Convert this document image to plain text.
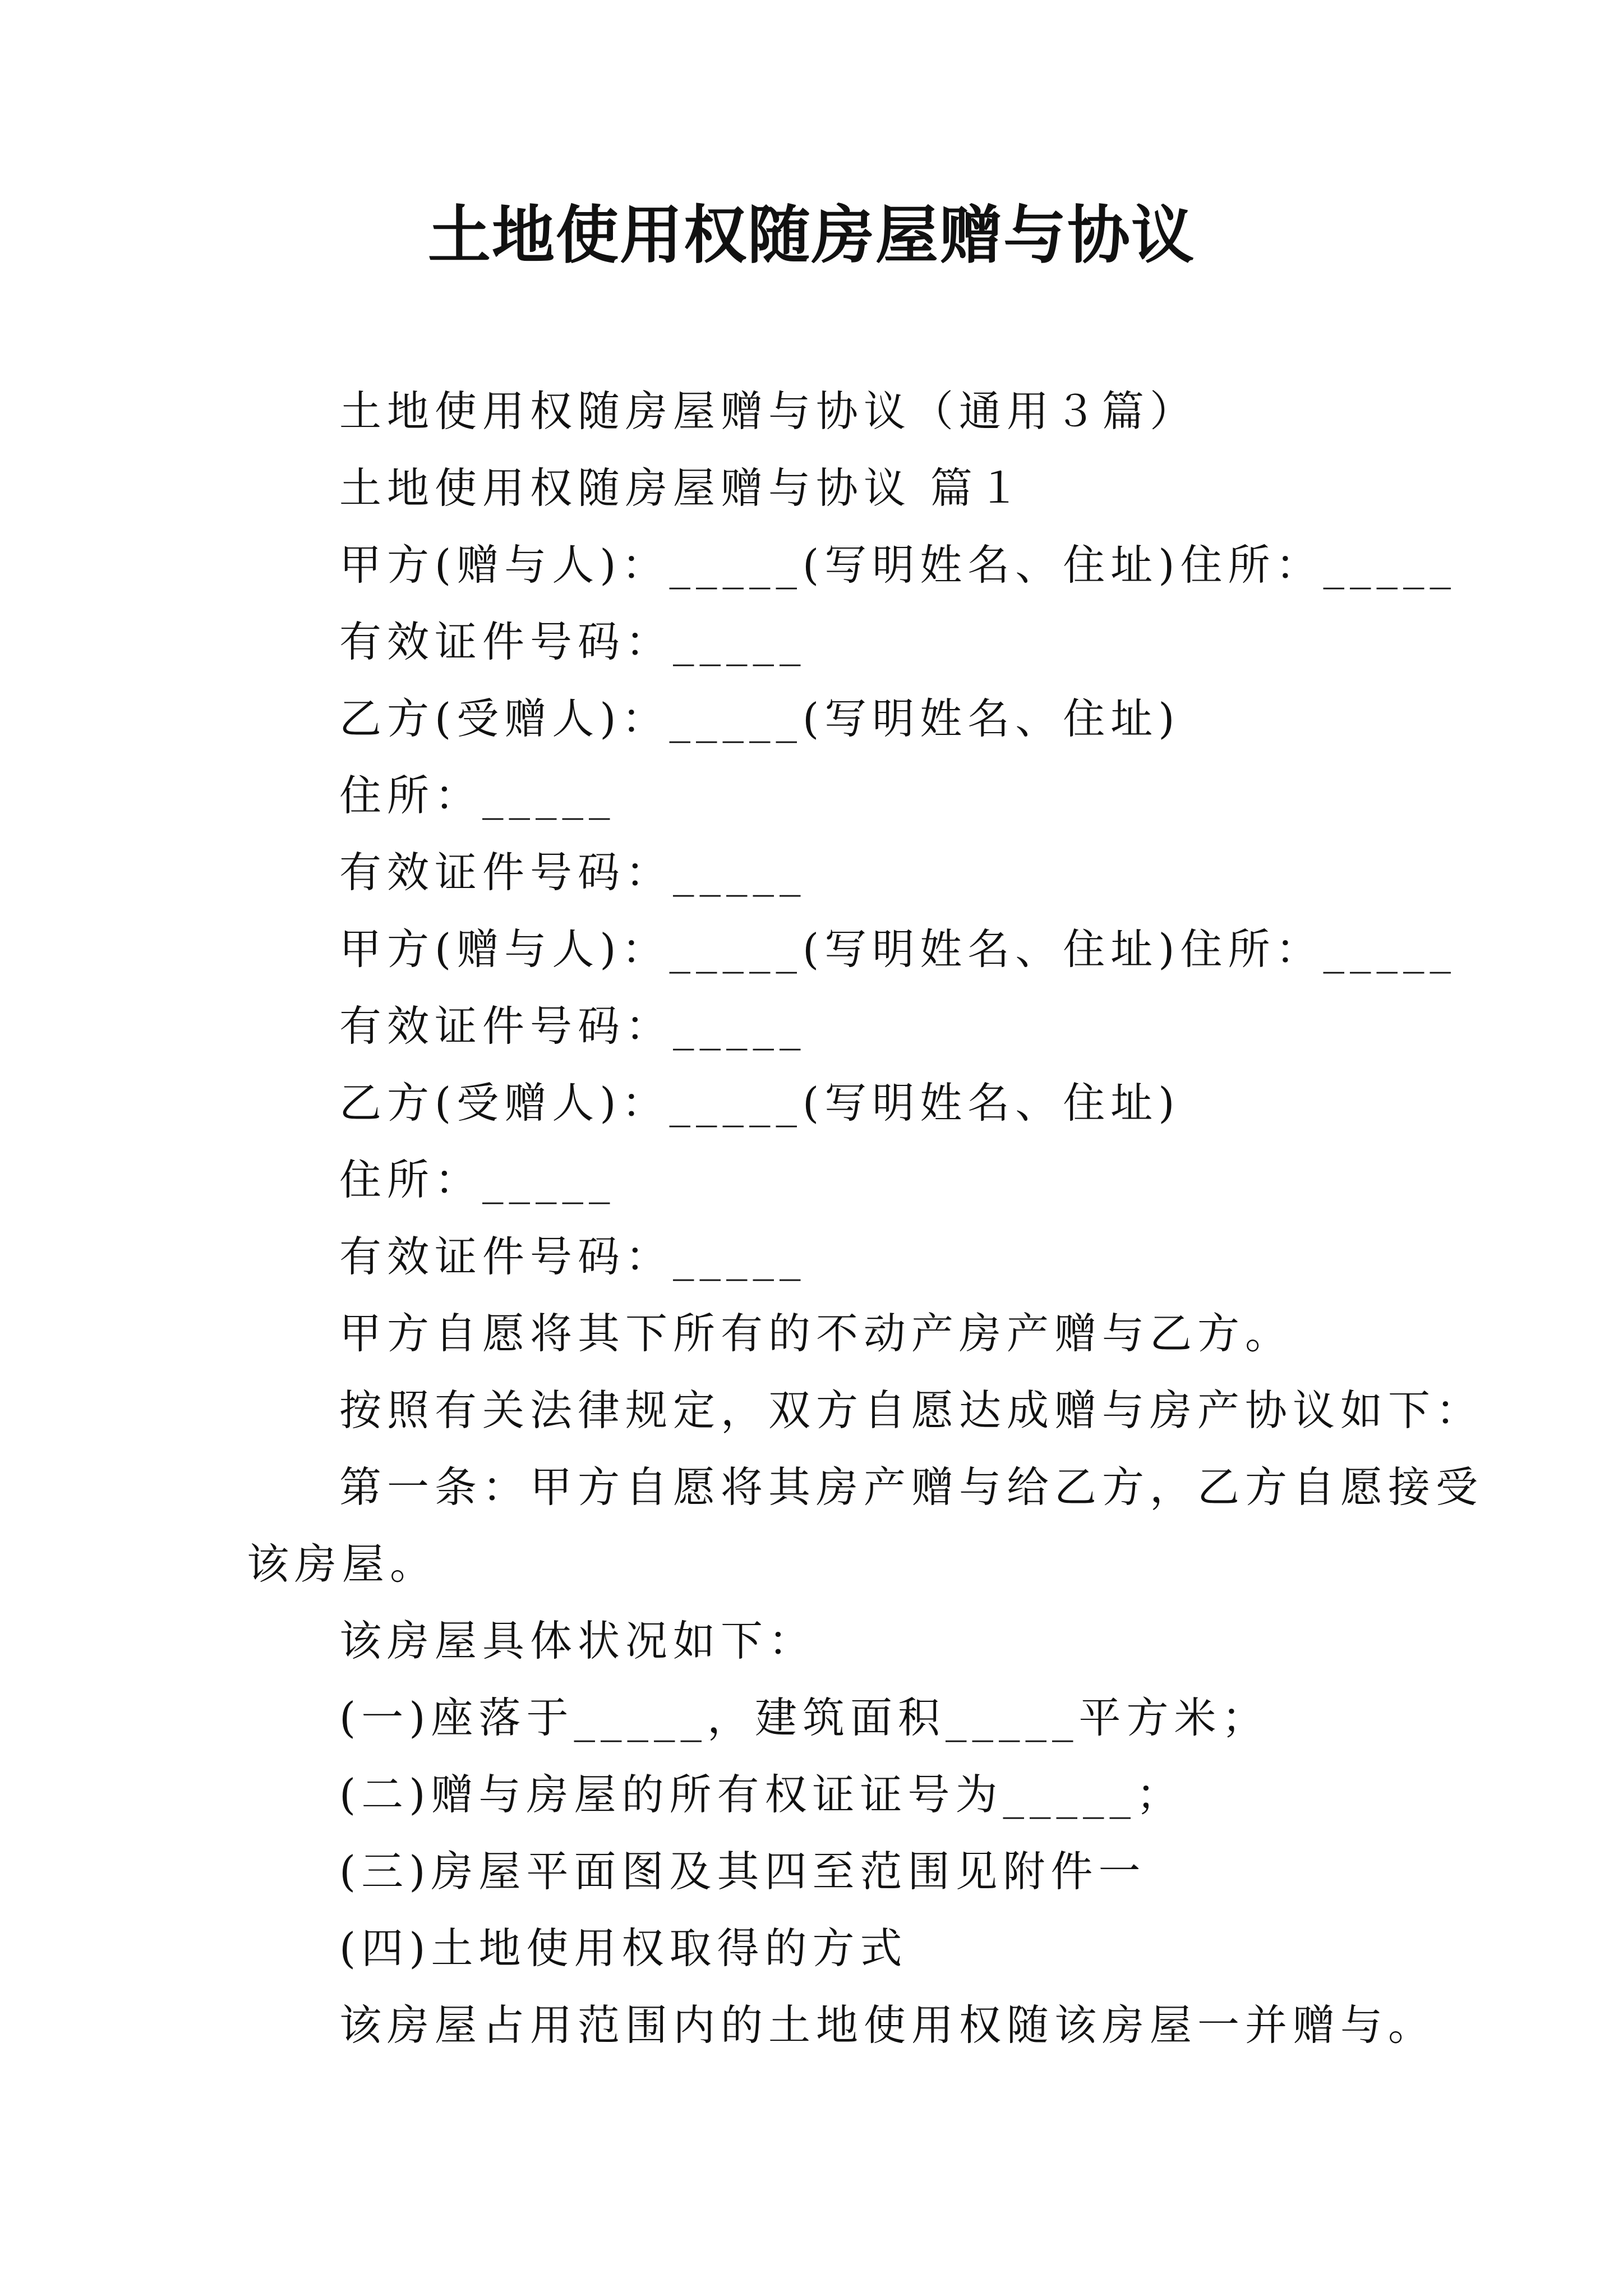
土地使用权随房屋赠与协议
土地使用权随房屋赠与协议（通用３篇）
土地使用权随房屋赠与协议 篇１
甲方(赠与人)：_____(写明姓名、住址)住所：_____
有效证件号码：_____
乙方(受赠人)：_____(写明姓名、住址)
住所：_____
有效证件号码：_____
甲方(赠与人)：_____(写明姓名、住址)住所：_____
有效证件号码：_____
乙方(受赠人)：_____(写明姓名、住址)
住所：_____
有效证件号码：_____
甲方自愿将其下所有的不动产房产赠与乙方。
按照有关法律规定，双方自愿达成赠与房产协议如下：
第一条：甲方自愿将其房产赠与给乙方，乙方自愿接受
该房屋。
该房屋具体状况如下：
(一)座落于_____，建筑面积_____平方米；
(二)赠与房屋的所有权证证号为_____；
(三)房屋平面图及其四至范围见附件一
(四)土地使用权取得的方式
该房屋占用范围内的土地使用权随该房屋一并赠与。
